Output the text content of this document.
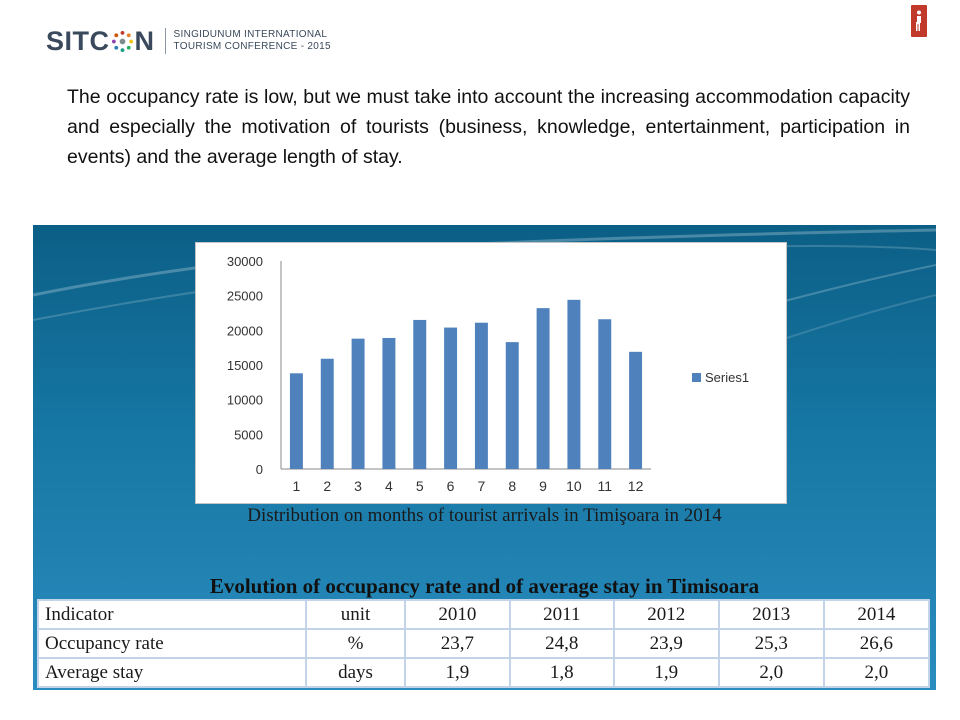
SITC N SINGIDUNUM INTERNATIONAL
TOURISM CONFERENCE - 2015

The occupancy rate is low, but we must take into account the increasing accommodation capacity and especially the motivation of tourists (business, knowledge, entertainment, participation in events) and the average length of stay.

0
5000
10000
15000
20000
25000
30000
1 2 3 4 5 6 7 8 9 10 11 12
Series1
Distribution on months of tourist arrivals in Timişoara in 2014
Evolution of occupancy rate and of average stay in Timisoara
Indicator	unit	2010	2011	2012	2013	2014
Occupancy rate	%	23,7	24,8	23,9	25,3	26,6
Average stay	days	1,9	1,8	1,9	2,0	2,0
